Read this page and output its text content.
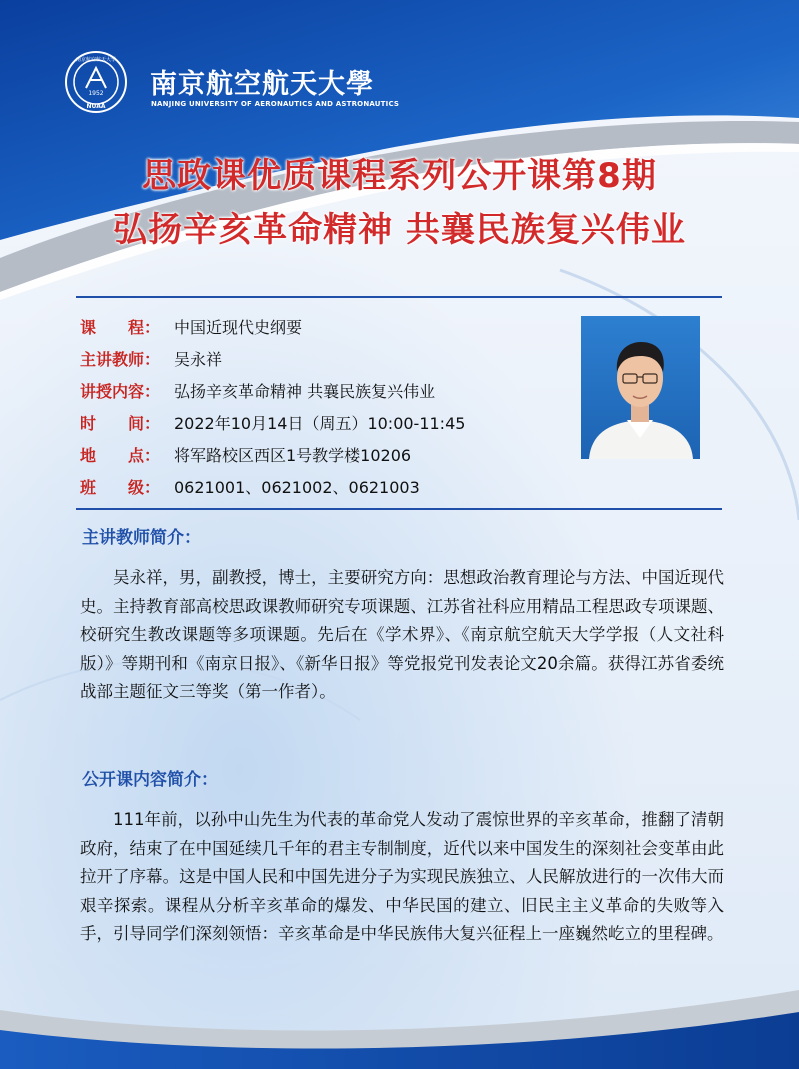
1952
NUAA
南京航空航天大學
南京航空航天大學
NANJING UNIVERSITY OF AERONAUTICS AND ASTRONAUTICS
思政课优质课程系列公开课第8期
弘扬辛亥革命精神 共襄民族复兴伟业
课 程： 中国近现代史纲要
主讲教师： 吴永祥
讲授内容： 弘扬辛亥革命精神 共襄民族复兴伟业
时 间： 2022年10月14日（周五）10:00-11:45
地 点： 将军路校区西区1号教学楼10206
班 级： 0621001、0621002、0621003
主讲教师简介：
吴永祥，男，副教授，博士，主要研究方向：思想政治教育理论与方法、中国近现代史。主持教育部高校思政课教师研究专项课题、江苏省社科应用精品工程思政专项课题、校研究生教改课题等多项课题。先后在《学术界》、《南京航空航天大学学报（人文社科版）》等期刊和《南京日报》、《新华日报》等党报党刊发表论文20余篇。获得江苏省委统战部主题征文三等奖（第一作者）。
公开课内容简介：
111年前，以孙中山先生为代表的革命党人发动了震惊世界的辛亥革命，推翻了清朝政府，结束了在中国延续几千年的君主专制制度，近代以来中国发生的深刻社会变革由此拉开了序幕。这是中国人民和中国先进分子为实现民族独立、人民解放进行的一次伟大而艰辛探索。课程从分析辛亥革命的爆发、中华民国的建立、旧民主主义革命的失败等入手，引导同学们深刻领悟：辛亥革命是中华民族伟大复兴征程上一座巍然屹立的里程碑。
